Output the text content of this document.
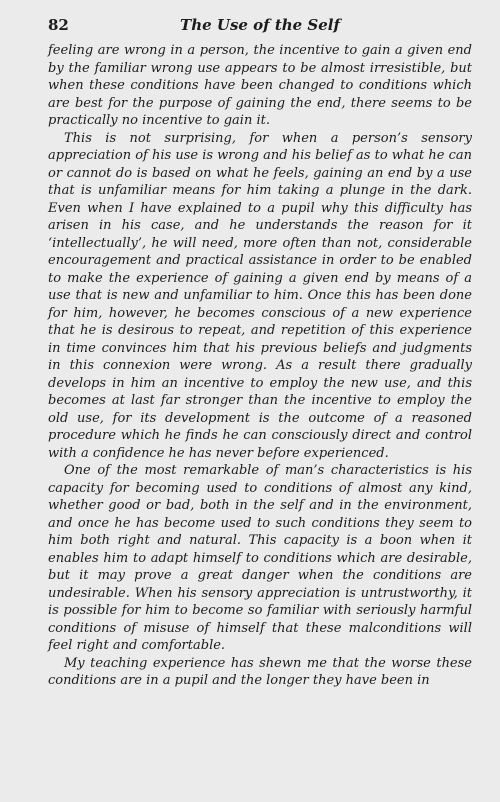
82	The Use of the Self

feeling are wrong in a person, the incentive to gain a given end by the familiar wrong use appears to be almost irresistible, but when these conditions have been changed to conditions which are best for the purpose of gaining the end, there seems to be practically no incentive to gain it.

This is not surprising, for when a person’s sensory appreciation of his use is wrong and his belief as to what he can or cannot do is based on what he feels, gaining an end by a use that is unfamiliar means for him taking a plunge in the dark. Even when I have explained to a pupil why this difficulty has arisen in his case, and he understands the reason for it ‘intellectually’, he will need, more often than not, considerable encouragement and practical assistance in order to be enabled to make the experience of gaining a given end by means of a use that is new and unfamiliar to him. Once this has been done for him, however, he becomes conscious of a new experience that he is desirous to repeat, and repetition of this experience in time convinces him that his previous beliefs and judgments in this connexion were wrong. As a result there gradually develops in him an incentive to employ the new use, and this becomes at last far stronger than the incentive to employ the old use, for its development is the outcome of a reasoned procedure which he finds he can consciously direct and control with a confidence he has never before experienced.

One of the most remarkable of man’s characteristics is his capacity for becoming used to conditions of almost any kind, whether good or bad, both in the self and in the environment, and once he has become used to such conditions they seem to him both right and natural. This capacity is a boon when it enables him to adapt himself to conditions which are desirable, but it may prove a great danger when the conditions are undesirable. When his sensory appreciation is untrustworthy, it is possible for him to become so familiar with seriously harmful conditions of misuse of himself that these malconditions will feel right and comfortable.

My teaching experience has shewn me that the worse these conditions are in a pupil and the longer they have been in
